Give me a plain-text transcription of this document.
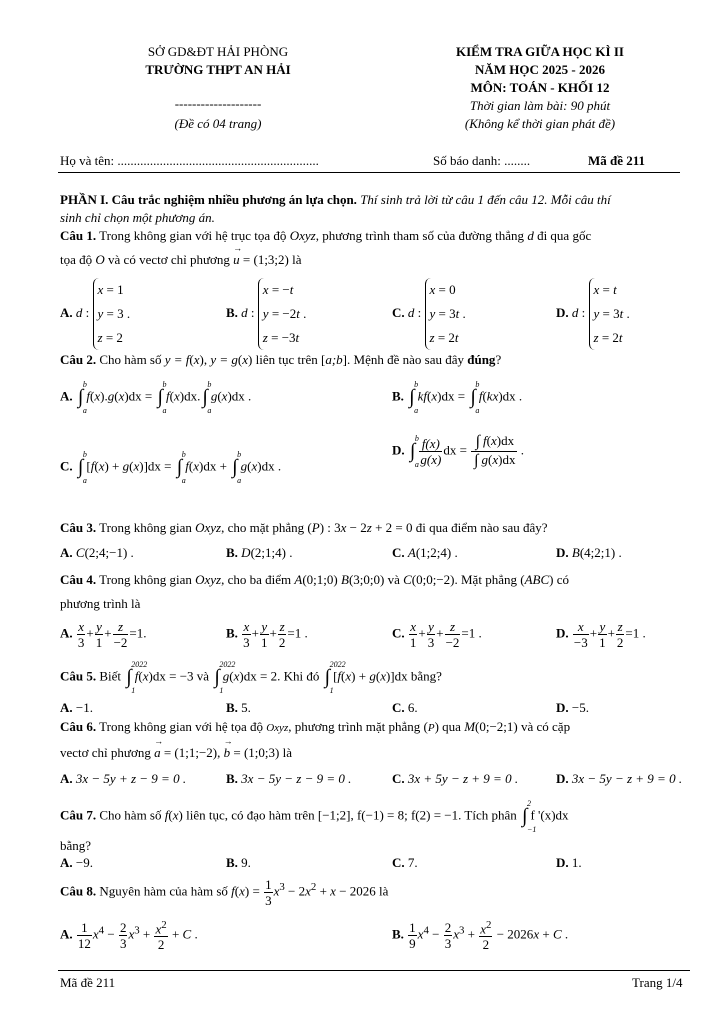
SỞ GD&ĐT HẢI PHÒNG
TRƯỜNG THPT AN HẢI
--------------------
(Đề có 04 trang)
KIỂM TRA GIỮA HỌC KÌ II
NĂM HỌC 2025 - 2026
MÔN: TOÁN - KHỐI 12
Thời gian làm bài: 90 phút
(Không kể thời gian phát đề)
Họ và tên: ..............................................................	Số báo danh: ........	Mã đề 211
PHẦN I. Câu trắc nghiệm nhiều phương án lựa chọn. Thí sinh trả lời từ câu 1 đến câu 12. Mỗi câu thí
sinh chỉ chọn một phương án.
Câu 1. Trong không gian với hệ trục tọa độ Oxyz, phương trình tham số của đường thẳng d đi qua gốc
tọa độ O và có vectơ chỉ phương → u = (1;3;2) là
A. d : x = 1
y = 3 .
z = 2
B. d : x = −t
y = −2t .
z = −3t
C. d : x = 0
y = 3t .
z = 2t
D. d : x = t
y = 3t .
z = 2t
Câu 2. Cho hàm số y = f(x), y = g(x) liên tục trên [a;b]. Mệnh đề nào sau đây đúng?
A. ∫
b
a
f(x).g(x)dx = ∫
b
a
f(x)dx. ∫
b
a
g(x)dx .	B. ∫
b
a
kf(x)dx = ∫
b
a
f(kx)dx .
C. ∫
b
a
[f(x) + g(x)]dx = ∫
b
a
f(x)dx + ∫
b
a
g(x)dx .
D. ∫
b
a $\frac{f(x)}{g(x)}$ dx = $\frac{\int f(x)dx}{\int g(x)dx}$ .
Câu 3. Trong không gian Oxyz, cho mặt phẳng (P) : 3x − 2z + 2 = 0 đi qua điểm nào sau đây?
A. C(2;4;−1) .	B. D(2;1;4) .	C. A(1;2;4) .	D. B(4;2;1) .
Câu 4. Trong không gian Oxyz, cho ba điểm A(0;1;0) B(3;0;0) và C(0;0;−2). Mặt phẳng (ABC) có
phương trình là
A. $\frac{x}{3} + \frac{y}{1} + \frac{z}{-2} =1$.	B. $\frac{x}{3} + \frac{y}{1} + \frac{z}{2} =1$ .	C. $\frac{x}{1} + \frac{y}{3} + \frac{z}{-2} =1$ .	D. $\frac{x}{-3} + \frac{y}{1} + \frac{z}{2} =1$ .
Câu 5. Biết ∫
2022
1
f(x)dx = −3 và ∫
2022
1
g(x)dx = 2. Khi đó ∫
2022
1
[f(x) + g(x)]dx bằng?
A. −1.	B. 5.	C. 6.	D. −5.
Câu 6. Trong không gian với hệ tọa độ Oxyz, phương trình mặt phẳng (P) qua M(0;−2;1) và có cặp
vectơ chỉ phương → a = (1;1;−2), → b = (1;0;3) là
A. 3x − 5y + z − 9 = 0 .	B. 3x − 5y − z − 9 = 0 .	C. 3x + 5y − z + 9 = 0 .	D. 3x − 5y − z + 9 = 0 .
Câu 7. Cho hàm số f(x) liên tục, có đạo hàm trên [−1;2], f(−1) = 8; f(2) = −1. Tích phân ∫
2
−1
f '(x)dx
bằng?
A. −9.	B. 9.	C. 7.	D. 1.
Câu 8. Nguyên hàm của hàm số $f(x) = \frac{1}{3} x^3 - 2x^2 + x - 2026$ là
A. $\frac{1}{12} x^4 - \frac{2}{3} x^3 + \frac{x^2}{2} + C$ .	B. $\frac{1}{9} x^4 - \frac{2}{3} x^3 + \frac{x^2}{2} - 2026x + C$ .
Mã đề 211	Trang 1/4
